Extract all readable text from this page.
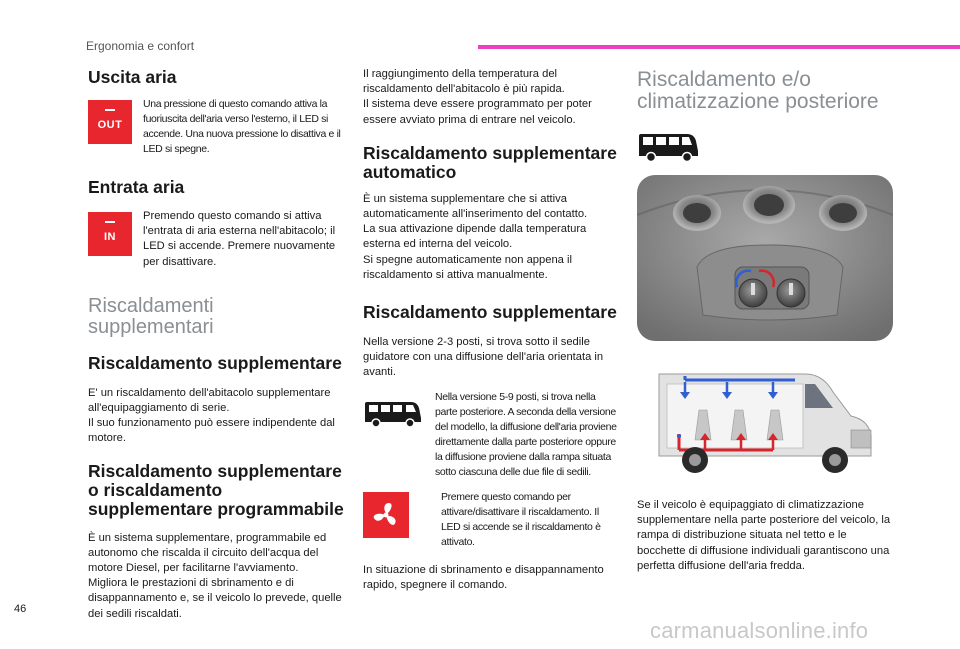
Ergonomia e confort
Uscita aria
OUT

Una pressione di questo comando attiva la fuoriuscita dell'aria verso l'esterno, il LED si accende. Una nuova pressione lo disattiva e il LED si spegne.

Entrata aria
IN

Premendo questo comando si attiva l'entrata di aria esterna nell'abitacolo; il LED si accende. Premere nuovamente per disattivare.

Riscaldamenti supplementari
Riscaldamento supplementare

E' un riscaldamento dell'abitacolo supplementare all'equipaggiamento di serie.

Il suo funzionamento può essere indipendente dal motore.

Riscaldamento supplementare o riscaldamento supplementare programmabile

È un sistema supplementare, programmabile ed autonomo che riscalda il circuito dell'acqua del motore Diesel, per facilitarne l'avviamento.

Migliora le prestazioni di sbrinamento e di disappannamento e, se il veicolo lo prevede, quelle dei sedili riscaldati.

Il raggiungimento della temperatura del riscaldamento dell'abitacolo è più rapida.

Il sistema deve essere programmato per poter essere avviato prima di entrare nel veicolo.

Riscaldamento supplementare automatico

È un sistema supplementare che si attiva automaticamente all'inserimento del contatto.

La sua attivazione dipende dalla temperatura esterna ed interna del veicolo.

Si spegne automaticamente non appena il riscaldamento si attiva manualmente.

Riscaldamento supplementare

Nella versione 2-3 posti, si trova sotto il sedile guidatore con una diffusione dell'aria orientata in avanti.

Nella versione 5-9 posti, si trova nella parte posteriore. A seconda della versione del modello, la diffusione dell'aria proviene direttamente dalla parte posteriore oppure la diffusione proviene dalla rampa situata sotto ciascuna delle due file di sedili.

Premere questo comando per attivare/disattivare il riscaldamento. Il LED si accende se il riscaldamento è attivato.

In situazione di sbrinamento e disappannamento rapido, spegnere il comando.

Riscaldamento e/o climatizzazione posteriore

Se il veicolo è equipaggiato di climatizzazione supplementare nella parte posteriore del veicolo, la rampa di distribuzione situata nel tetto e le bocchette di diffusione individuali garantiscono una perfetta diffusione dell'aria fredda.

46
carmanualsonline.info
